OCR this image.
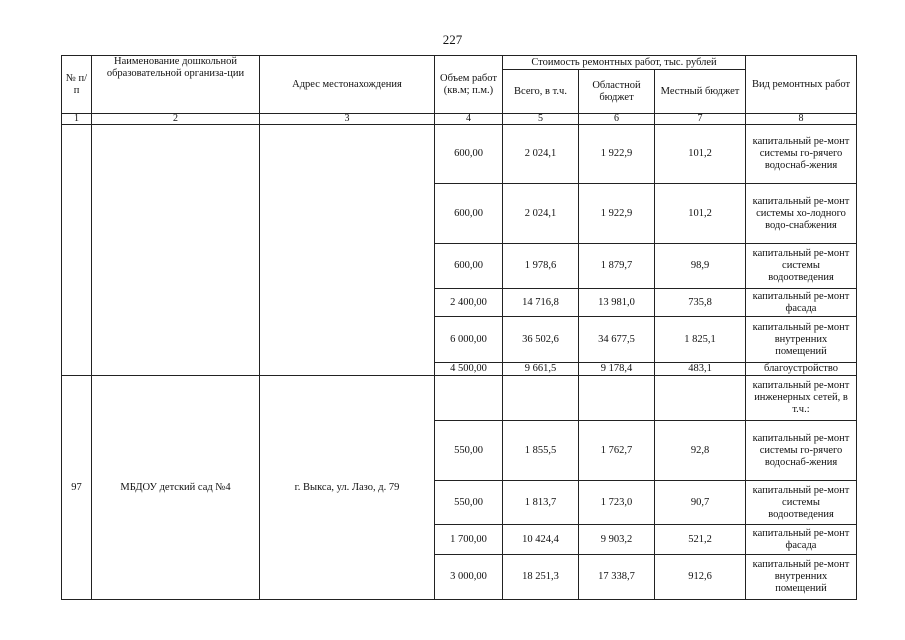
227
№ п/п	Наименование дошкольной образовательной организа-ции	Адрес местонахождения	Объем работ (кв.м; п.м.)	Стоимость ремонтных работ, тыс. рублей			Вид ремонтных работ
				Всего, в т.ч.	Областной бюджет	Местный бюджет	
1	2	3	4	5	6	7	8
			600,00	2 024,1	1 922,9	101,2	капитальный ре-монт системы го-рячего водоснаб-жения
			600,00	2 024,1	1 922,9	101,2	капитальный ре-монт системы хо-лодного водо-снабжения
			600,00	1 978,6	1 879,7	98,9	капитальный ре-монт системы водоотведения
			2 400,00	14 716,8	13 981,0	735,8	капитальный ре-монт фасада
			6 000,00	36 502,6	34 677,5	1 825,1	капитальный ре-монт внутренних помещений
			4 500,00	9 661,5	9 178,4	483,1	благоустройство
97	МБДОУ детский сад №4	г. Выкса, ул. Лазо, д. 79					капитальный ре-монт инженерных сетей, в т.ч.:
			550,00	1 855,5	1 762,7	92,8	капитальный ре-монт системы го-рячего водоснаб-жения
			550,00	1 813,7	1 723,0	90,7	капитальный ре-монт системы водоотведения
			1 700,00	10 424,4	9 903,2	521,2	капитальный ре-монт фасада
			3 000,00	18 251,3	17 338,7	912,6	капитальный ре-монт внутренних помещений
